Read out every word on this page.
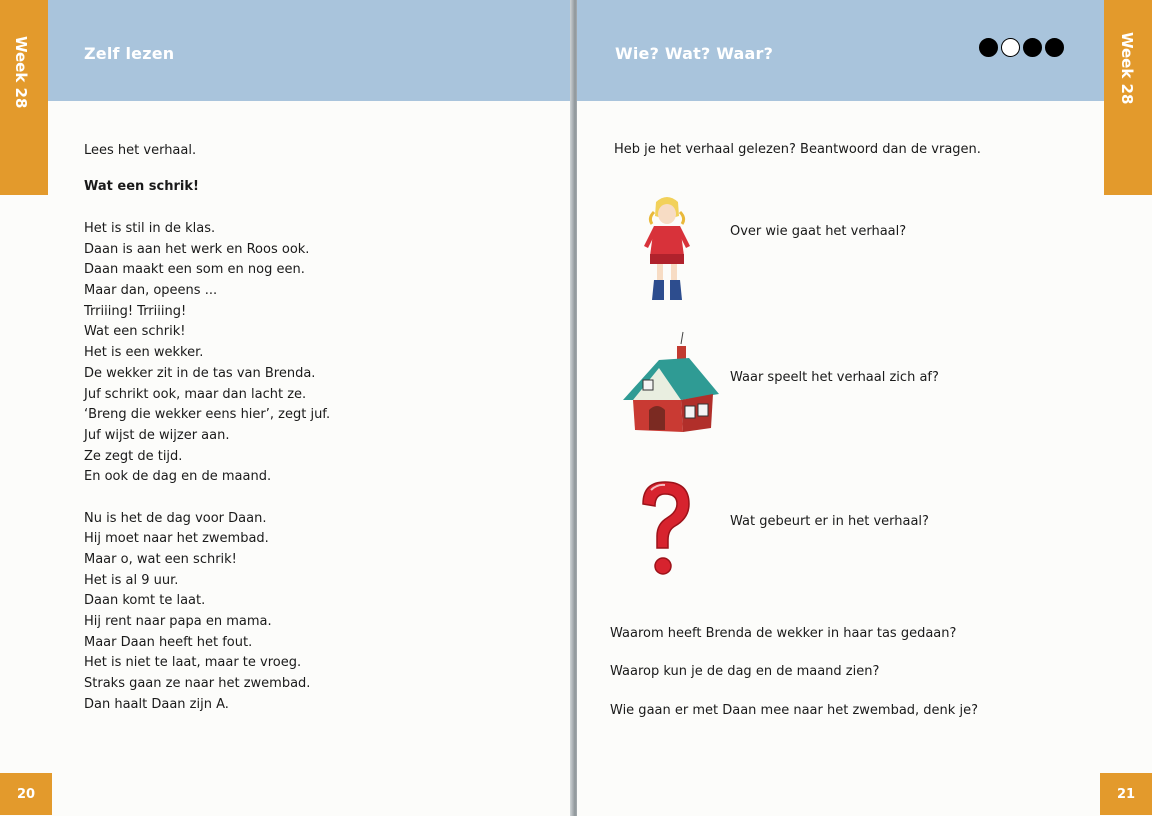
Zelf lezen
Week 28
Lees het verhaal.
Wat een schrik!
Het is stil in de klas.
Daan is aan het werk en Roos ook.
Daan maakt een som en nog een.
Maar dan, opeens ...
Trriiing! Trriiing!
Wat een schrik!
Het is een wekker.
De wekker zit in de tas van Brenda.
Juf schrikt ook, maar dan lacht ze.
‘Breng die wekker eens hier’, zegt juf.
Juf wijst de wijzer aan.
Ze zegt de tijd.
En ook de dag en de maand.
Nu is het de dag voor Daan.
Hij moet naar het zwembad.
Maar o, wat een schrik!
Het is al 9 uur.
Daan komt te laat.
Hij rent naar papa en mama.
Maar Daan heeft het fout.
Het is niet te laat, maar te vroeg.
Straks gaan ze naar het zwembad.
Dan haalt Daan zijn A.
20
Wie? Wat? Waar?	Week 28
Heb je het verhaal gelezen? Beantwoord dan de vragen.
Over wie gaat het verhaal?
Waar speelt het verhaal zich af?
Wat gebeurt er in het verhaal?
Waarom heeft Brenda de wekker in haar tas gedaan?
Waarop kun je de dag en de maand zien?
Wie gaan er met Daan mee naar het zwembad, denk je?
21
